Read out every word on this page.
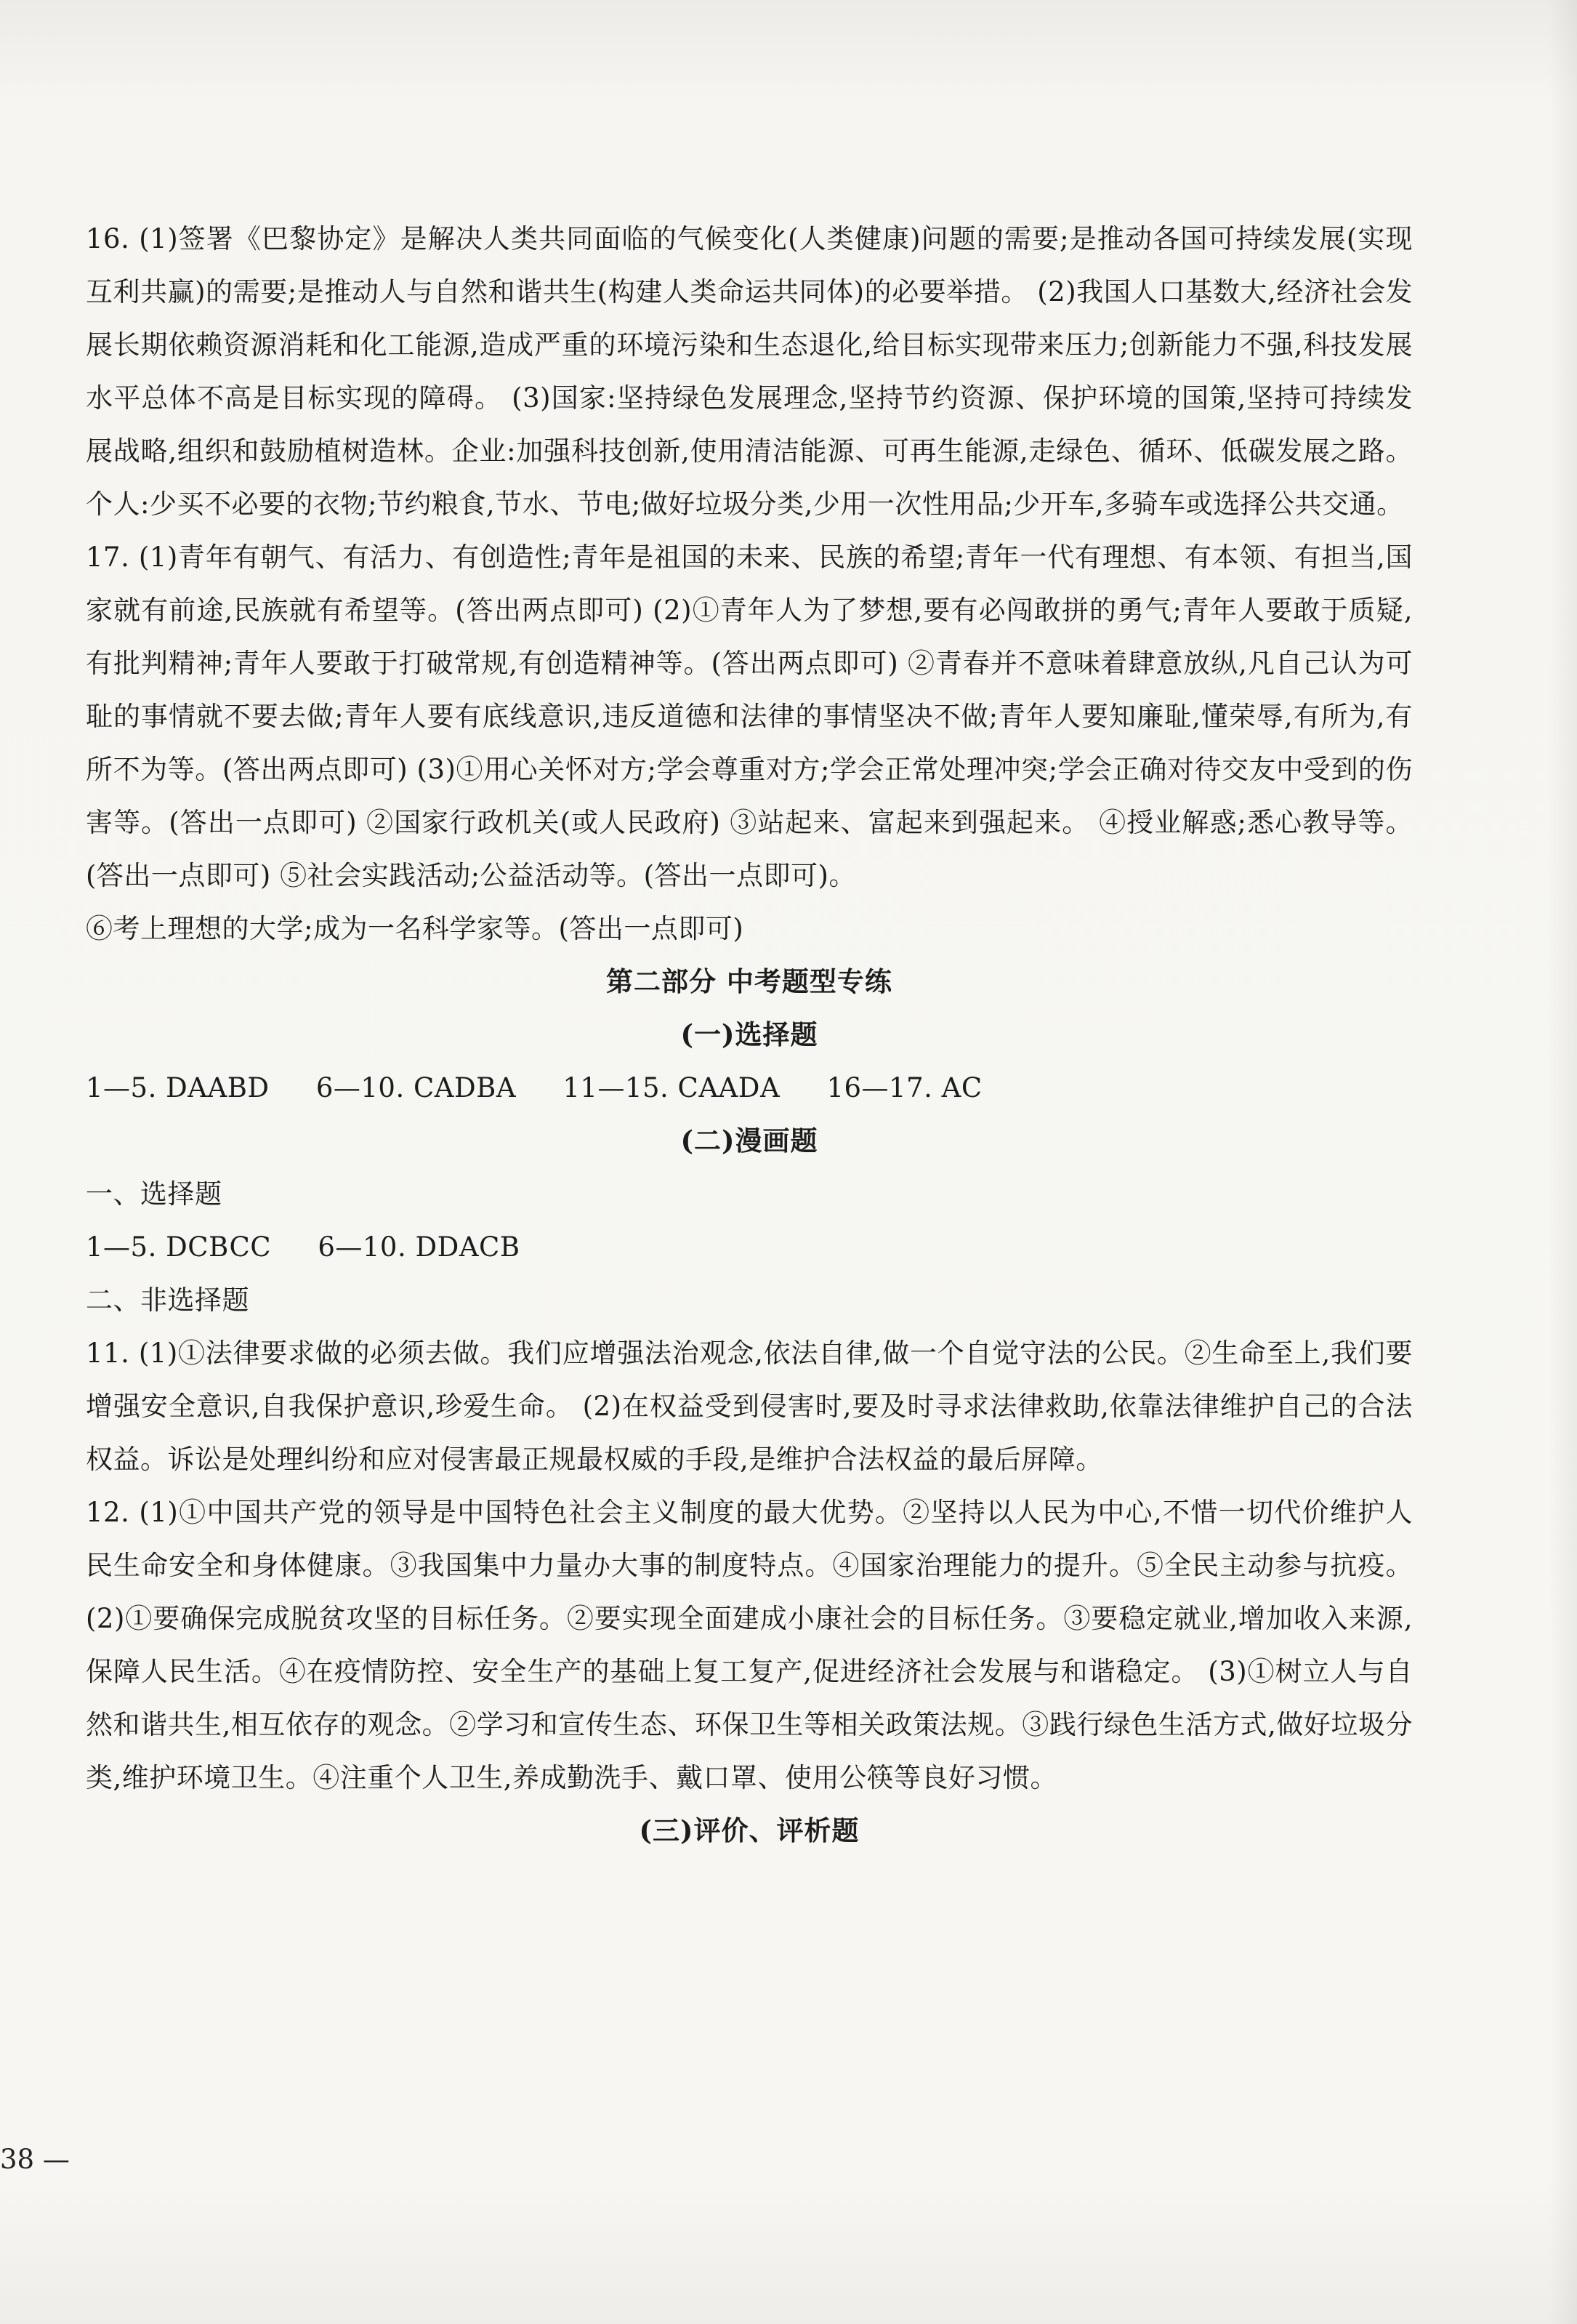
16. (1)签署《巴黎协定》是解决人类共同面临的气候变化(人类健康)问题的需要;是推动各国可持续发展(实现互利共赢)的需要;是推动人与自然和谐共生(构建人类命运共同体)的必要举措。 (2)我国人口基数大,经济社会发展长期依赖资源消耗和化工能源,造成严重的环境污染和生态退化,给目标实现带来压力;创新能力不强,科技发展水平总体不高是目标实现的障碍。 (3)国家:坚持绿色发展理念,坚持节约资源、保护环境的国策,坚持可持续发展战略,组织和鼓励植树造林。企业:加强科技创新,使用清洁能源、可再生能源,走绿色、循环、低碳发展之路。个人:少买不必要的衣物;节约粮食,节水、节电;做好垃圾分类,少用一次性用品;少开车,多骑车或选择公共交通。

17. (1)青年有朝气、有活力、有创造性;青年是祖国的未来、民族的希望;青年一代有理想、有本领、有担当,国家就有前途,民族就有希望等。(答出两点即可) (2)①青年人为了梦想,要有必闯敢拼的勇气;青年人要敢于质疑,有批判精神;青年人要敢于打破常规,有创造精神等。(答出两点即可) ②青春并不意味着肆意放纵,凡自己认为可耻的事情就不要去做;青年人要有底线意识,违反道德和法律的事情坚决不做;青年人要知廉耻,懂荣辱,有所为,有所不为等。(答出两点即可) (3)①用心关怀对方;学会尊重对方;学会正常处理冲突;学会正确对待交友中受到的伤害等。(答出一点即可) ②国家行政机关(或人民政府) ③站起来、富起来到强起来。 ④授业解惑;悉心教导等。(答出一点即可) ⑤社会实践活动;公益活动等。(答出一点即可)。

⑥考上理想的大学;成为一名科学家等。(答出一点即可)

第二部分 中考题型专练

(一)选择题

1—5. DAABD 6—10. CADBA 11—15. CAADA 16—17. AC

(二)漫画题

一、选择题

1—5. DCBCC 6—10. DDACB

二、非选择题

11. (1)①法律要求做的必须去做。我们应增强法治观念,依法自律,做一个自觉守法的公民。②生命至上,我们要增强安全意识,自我保护意识,珍爱生命。 (2)在权益受到侵害时,要及时寻求法律救助,依靠法律维护自己的合法权益。诉讼是处理纠纷和应对侵害最正规最权威的手段,是维护合法权益的最后屏障。

12. (1)①中国共产党的领导是中国特色社会主义制度的最大优势。②坚持以人民为中心,不惜一切代价维护人民生命安全和身体健康。③我国集中力量办大事的制度特点。④国家治理能力的提升。⑤全民主动参与抗疫。 (2)①要确保完成脱贫攻坚的目标任务。②要实现全面建成小康社会的目标任务。③要稳定就业,增加收入来源,保障人民生活。④在疫情防控、安全生产的基础上复工复产,促进经济社会发展与和谐稳定。 (3)①树立人与自然和谐共生,相互依存的观念。②学习和宣传生态、环保卫生等相关政策法规。③践行绿色生活方式,做好垃圾分类,维护环境卫生。④注重个人卫生,养成勤洗手、戴口罩、使用公筷等良好习惯。

(三)评价、评析题

38 —
